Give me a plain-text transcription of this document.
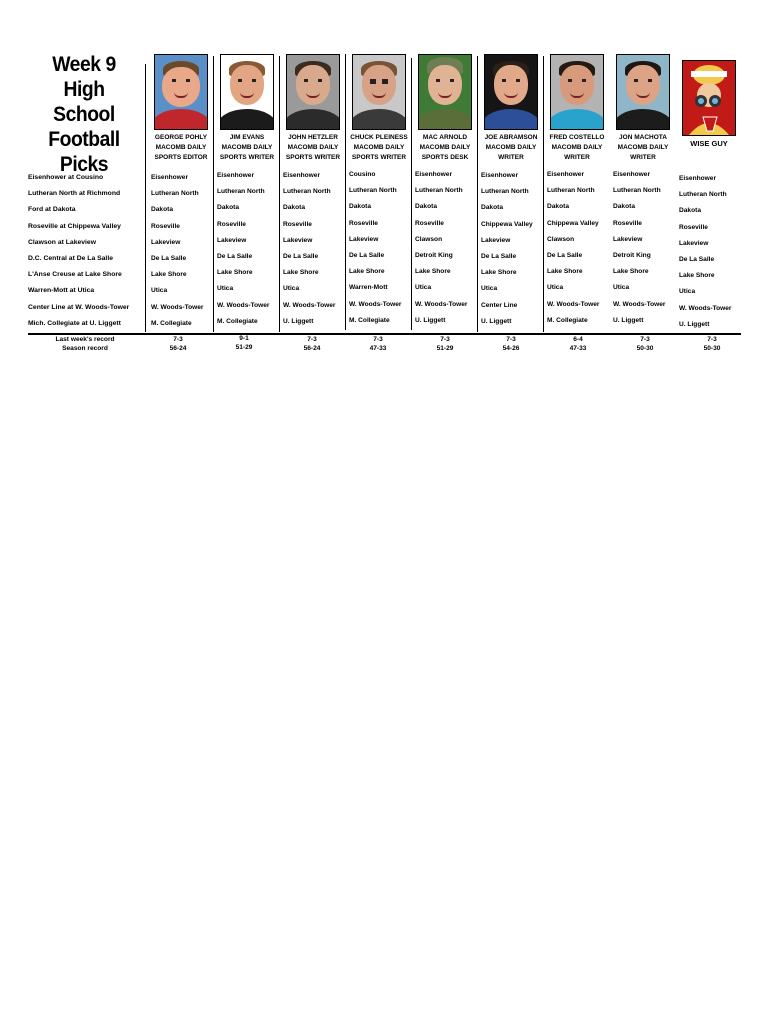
Week 9
High School
Football
Picks
Eisenhower at Cousino
Lutheran North at Richmond
Ford at Dakota
Roseville at Chippewa Valley
Clawson at Lakeview
D.C. Central at De La Salle
L'Anse Creuse at Lake Shore
Warren-Mott at Utica
Center Line at W. Woods-Tower
Mich. Collegiate at U. Liggett
GEORGE POHLY
MACOMB DAILY
SPORTS EDITOR
JIM EVANS
MACOMB DAILY
SPORTS WRITER
JOHN HETZLER
MACOMB DAILY
SPORTS WRITER
CHUCK PLEINESS
MACOMB DAILY
SPORTS WRITER
MAC ARNOLD
MACOMB DAILY
SPORTS DESK
JOE ABRAMSON
MACOMB DAILY
WRITER
FRED COSTELLO
MACOMB DAILY
WRITER
JON MACHOTA
MACOMB DAILY
WRITER
WISE GUY
Eisenhower
Lutheran North
Dakota
Roseville
Lakeview
De La Salle
Lake Shore
Utica
W. Woods-Tower
M. Collegiate
Eisenhower
Lutheran North
Dakota
Roseville
Lakeview
De La Salle
Lake Shore
Utica
W. Woods-Tower
M. Collegiate
Eisenhower
Lutheran North
Dakota
Roseville
Lakeview
De La Salle
Lake Shore
Utica
W. Woods-Tower
U. Liggett
Cousino
Lutheran North
Dakota
Roseville
Lakeview
De La Salle
Lake Shore
Warren-Mott
W. Woods-Tower
M. Collegiate
Eisenhower
Lutheran North
Dakota
Roseville
Clawson
Detroit King
Lake Shore
Utica
W. Woods-Tower
U. Liggett
Eisenhower
Lutheran North
Dakota
Chippewa Valley
Lakeview
De La Salle
Lake Shore
Utica
Center Line
U. Liggett
Eisenhower
Lutheran North
Dakota
Chippewa Valley
Clawson
De La Salle
Lake Shore
Utica
W. Woods-Tower
M. Collegiate
Eisenhower
Lutheran North
Dakota
Roseville
Lakeview
Detroit King
Lake Shore
Utica
W. Woods-Tower
U. Liggett
Eisenhower
Lutheran North
Dakota
Roseville
Lakeview
De La Salle
Lake Shore
Utica
W. Woods-Tower
U. Liggett
Last week's record
Season record
7-3
56-24
9-1
51-29
7-3
56-24
7-3
47-33
7-3
51-29
7-3
54-26
6-4
47-33
7-3
50-30
7-3
50-30
